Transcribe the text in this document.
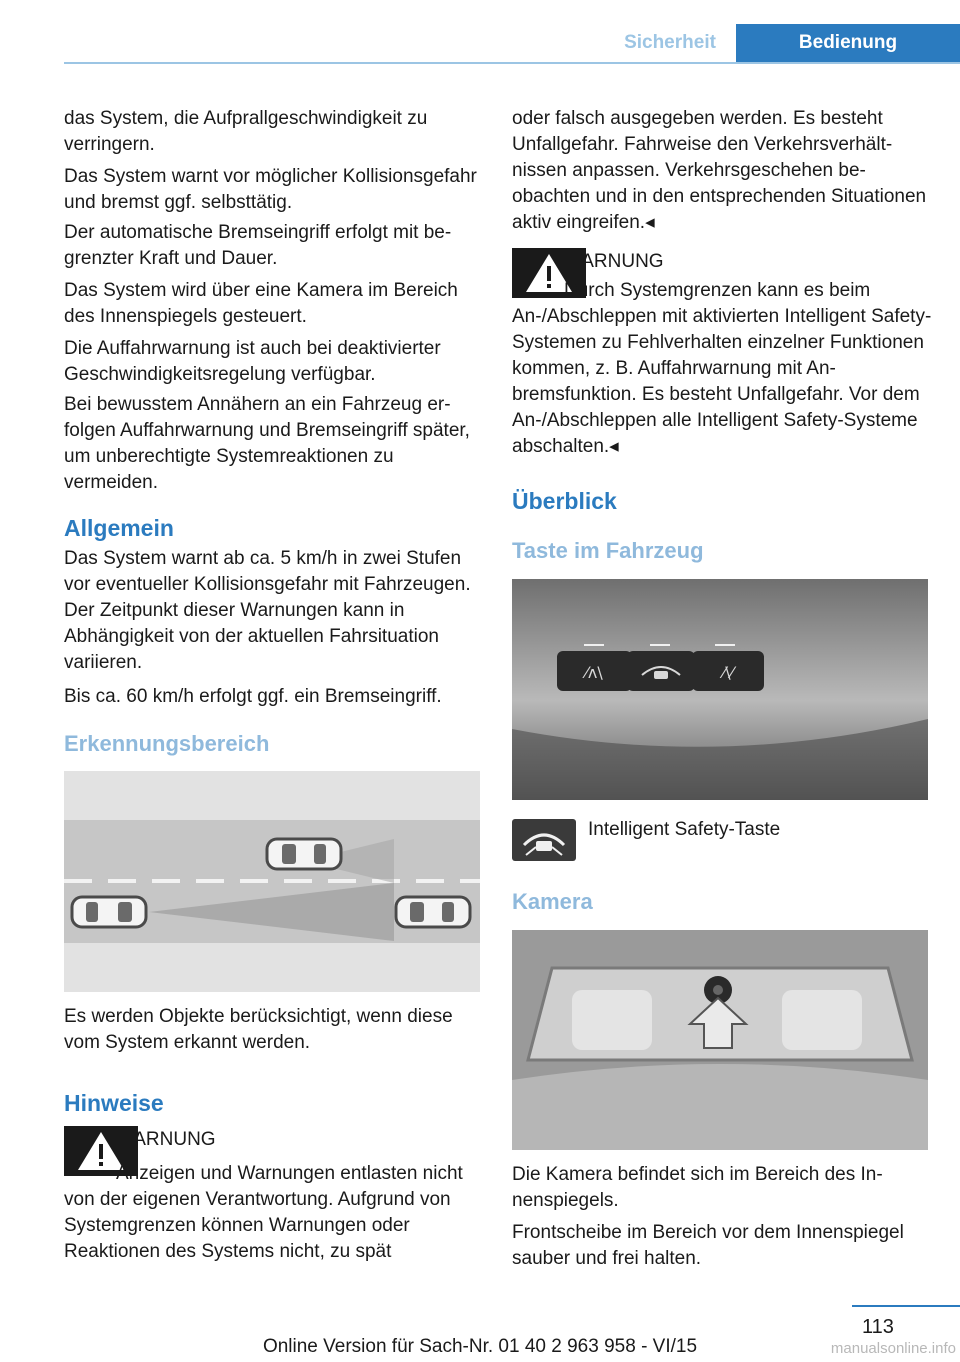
Sicherheit	Bedienung

das System, die Aufprallgeschwindigkeit zu verringern.

Das System warnt vor möglicher Kollisionsgefahr und bremst ggf. selbsttätig.

Der automatische Bremseingriff erfolgt mit begrenzter Kraft und Dauer.

Das System wird über eine Kamera im Bereich des Innenspiegels gesteuert.

Die Auffahrwarnung ist auch bei deaktivierter Geschwindigkeitsregelung verfügbar.

Bei bewusstem Annähern an ein Fahrzeug erfolgen Auffahrwarnung und Bremseingriff später, um unberechtigte Systemreaktionen zu vermeiden.

Allgemein

Das System warnt ab ca. 5 km/h in zwei Stufen vor eventueller Kollisionsgefahr mit Fahrzeugen. Der Zeitpunkt dieser Warnungen kann in Abhängigkeit von der aktuellen Fahrsituation variieren.

Bis ca. 60 km/h erfolgt ggf. ein Bremseingriff.

Erkennungsbereich

Es werden Objekte berücksichtigt, wenn diese vom System erkannt werden.

Hinweise
WARNUNG
Anzeigen und Warnungen entlasten nicht von der eigenen Verantwortung. Aufgrund von Systemgrenzen können Warnungen oder Reaktionen des Systems nicht, zu spät

oder falsch ausgegeben werden. Es besteht Unfallgefahr. Fahrweise den Verkehrsverhältnissen anpassen. Verkehrsgeschehen beobachten und in den entsprechenden Situationen aktiv eingreifen.◂

WARNUNG
Durch Systemgrenzen kann es beim An-/Abschleppen mit aktivierten Intelligent Safety-Systemen zu Fehlverhalten einzelner Funktionen kommen, z. B. Auffahrwarnung mit Anbremsfunktion. Es besteht Unfallgefahr. Vor dem An-/Abschleppen alle Intelligent Safety-Systeme abschalten.◂
Überblick
Taste im Fahrzeug
⁄ʌ\	⁄\⁄
Intelligent Safety-Taste
Kamera

Die Kamera befindet sich im Bereich des Innenspiegels.

Frontscheibe im Bereich vor dem Innenspiegel sauber und frei halten.

113
Online Version für Sach-Nr. 01 40 2 963 958 - VI/15	manualsonline.info
